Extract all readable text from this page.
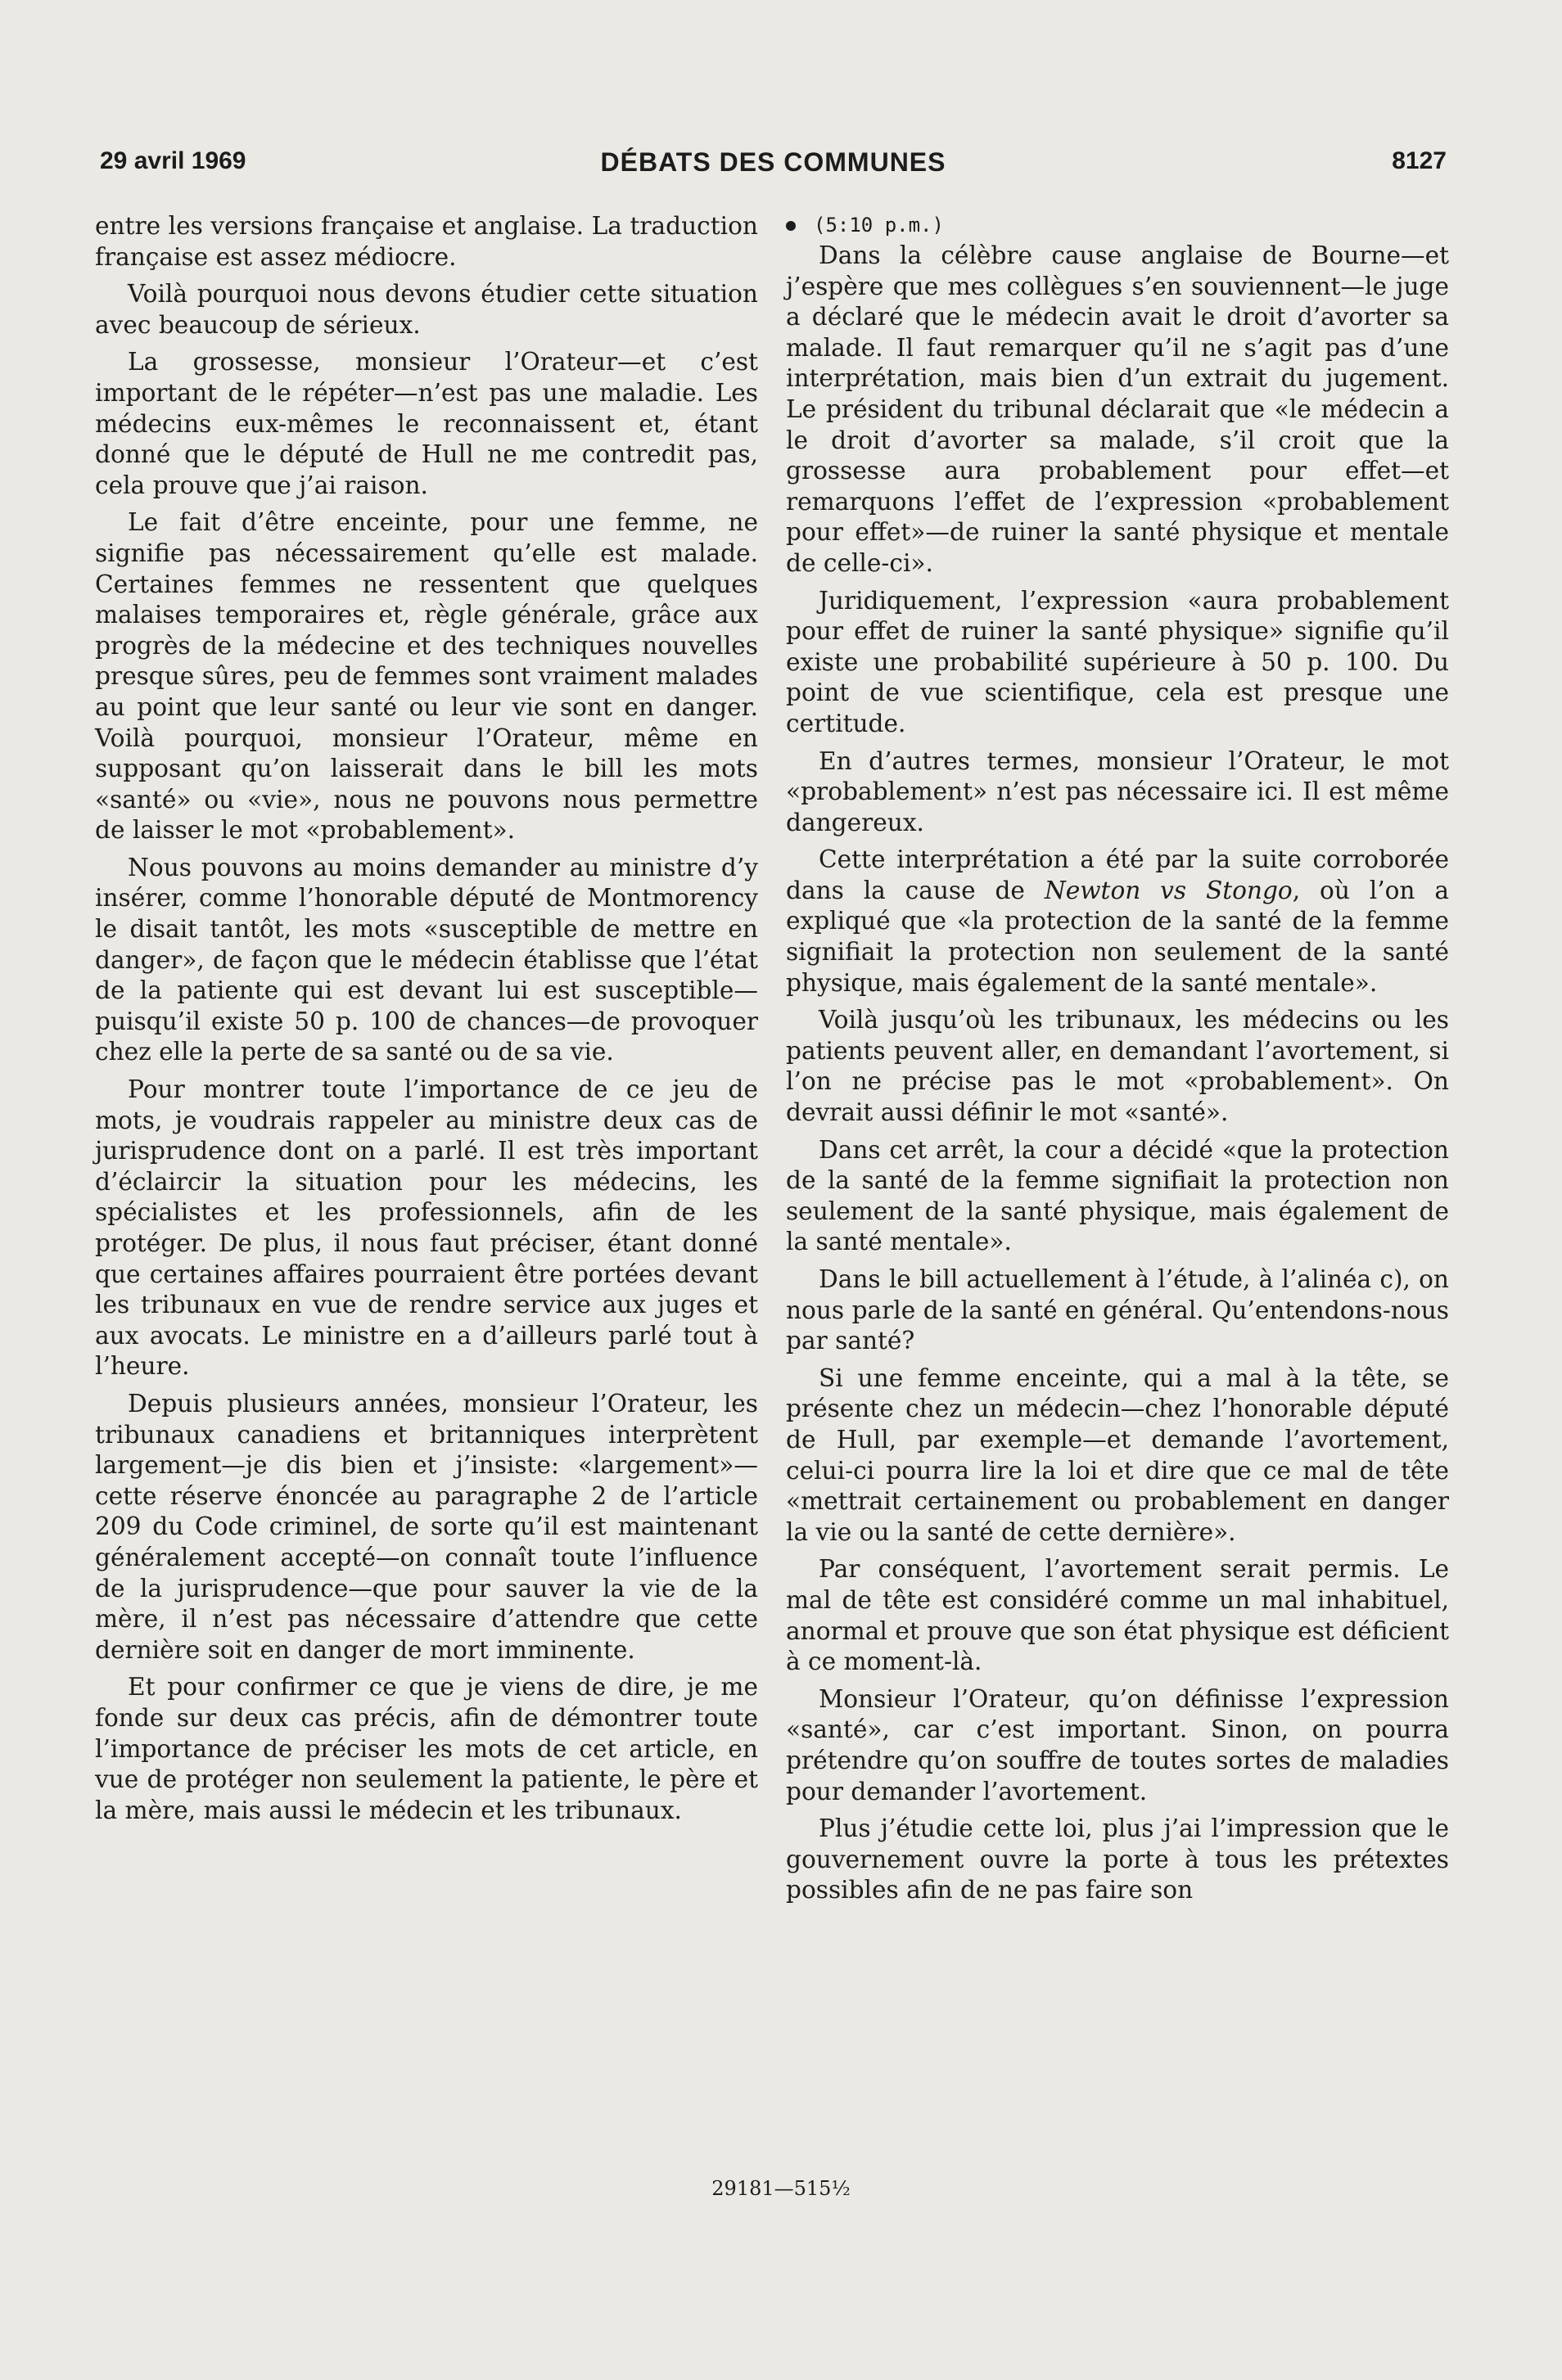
29 avril 1969	DÉBATS DES COMMUNES	8127

entre les versions française et anglaise. La traduction française est assez médiocre.

Voilà pourquoi nous devons étudier cette situation avec beaucoup de sérieux.

La grossesse, monsieur l’Orateur—et c’est important de le répéter—n’est pas une maladie. Les médecins eux-mêmes le reconnaissent et, étant donné que le député de Hull ne me contredit pas, cela prouve que j’ai raison.

Le fait d’être enceinte, pour une femme, ne signifie pas nécessairement qu’elle est malade. Certaines femmes ne ressentent que quelques malaises temporaires et, règle générale, grâce aux progrès de la médecine et des techniques nouvelles presque sûres, peu de femmes sont vraiment malades au point que leur santé ou leur vie sont en danger. Voilà pourquoi, monsieur l’Orateur, même en supposant qu’on laisserait dans le bill les mots «santé» ou «vie», nous ne pouvons nous permettre de laisser le mot «probablement».

Nous pouvons au moins demander au ministre d’y insérer, comme l’honorable député de Montmorency le disait tantôt, les mots «susceptible de mettre en danger», de façon que le médecin établisse que l’état de la patiente qui est devant lui est susceptible—puisqu’il existe 50 p. 100 de chances—de provoquer chez elle la perte de sa santé ou de sa vie.

Pour montrer toute l’importance de ce jeu de mots, je voudrais rappeler au ministre deux cas de jurisprudence dont on a parlé. Il est très important d’éclaircir la situation pour les médecins, les spécialistes et les professionnels, afin de les protéger. De plus, il nous faut préciser, étant donné que certaines affaires pourraient être portées devant les tribunaux en vue de rendre service aux juges et aux avocats. Le ministre en a d’ailleurs parlé tout à l’heure.

Depuis plusieurs années, monsieur l’Orateur, les tribunaux canadiens et britanniques interprètent largement—je dis bien et j’insiste: «largement»—cette réserve énoncée au paragraphe 2 de l’article 209 du Code criminel, de sorte qu’il est maintenant généralement accepté—on connaît toute l’influence de la jurisprudence—que pour sauver la vie de la mère, il n’est pas nécessaire d’attendre que cette dernière soit en danger de mort imminente.

Et pour confirmer ce que je viens de dire, je me fonde sur deux cas précis, afin de démontrer toute l’importance de préciser les mots de cet article, en vue de protéger non seulement la patiente, le père et la mère, mais aussi le médecin et les tribunaux.

(5:10 p.m.)

Dans la célèbre cause anglaise de Bourne—et j’espère que mes collègues s’en souviennent—le juge a déclaré que le médecin avait le droit d’avorter sa malade. Il faut remarquer qu’il ne s’agit pas d’une interprétation, mais bien d’un extrait du jugement. Le président du tribunal déclarait que «le médecin a le droit d’avorter sa malade, s’il croit que la grossesse aura probablement pour effet—et remarquons l’effet de l’expression «probablement pour effet»—de ruiner la santé physique et mentale de celle-ci».

Juridiquement, l’expression «aura probablement pour effet de ruiner la santé physique» signifie qu’il existe une probabilité supérieure à 50 p. 100. Du point de vue scientifique, cela est presque une certitude.

En d’autres termes, monsieur l’Orateur, le mot «probablement» n’est pas nécessaire ici. Il est même dangereux.

Cette interprétation a été par la suite corroborée dans la cause de Newton vs Stongo, où l’on a expliqué que «la protection de la santé de la femme signifiait la protection non seulement de la santé physique, mais également de la santé mentale».

Voilà jusqu’où les tribunaux, les médecins ou les patients peuvent aller, en demandant l’avortement, si l’on ne précise pas le mot «probablement». On devrait aussi définir le mot «santé».

Dans cet arrêt, la cour a décidé «que la protection de la santé de la femme signifiait la protection non seulement de la santé physique, mais également de la santé mentale».

Dans le bill actuellement à l’étude, à l’alinéa c), on nous parle de la santé en général. Qu’entendons-nous par santé?

Si une femme enceinte, qui a mal à la tête, se présente chez un médecin—chez l’honorable député de Hull, par exemple—et demande l’avortement, celui-ci pourra lire la loi et dire que ce mal de tête «mettrait certainement ou probablement en danger la vie ou la santé de cette dernière».

Par conséquent, l’avortement serait permis. Le mal de tête est considéré comme un mal inhabituel, anormal et prouve que son état physique est déficient à ce moment-là.

Monsieur l’Orateur, qu’on définisse l’expression «santé», car c’est important. Sinon, on pourra prétendre qu’on souffre de toutes sortes de maladies pour demander l’avortement.

Plus j’étudie cette loi, plus j’ai l’impression que le gouvernement ouvre la porte à tous les prétextes possibles afin de ne pas faire son

29181—515½
